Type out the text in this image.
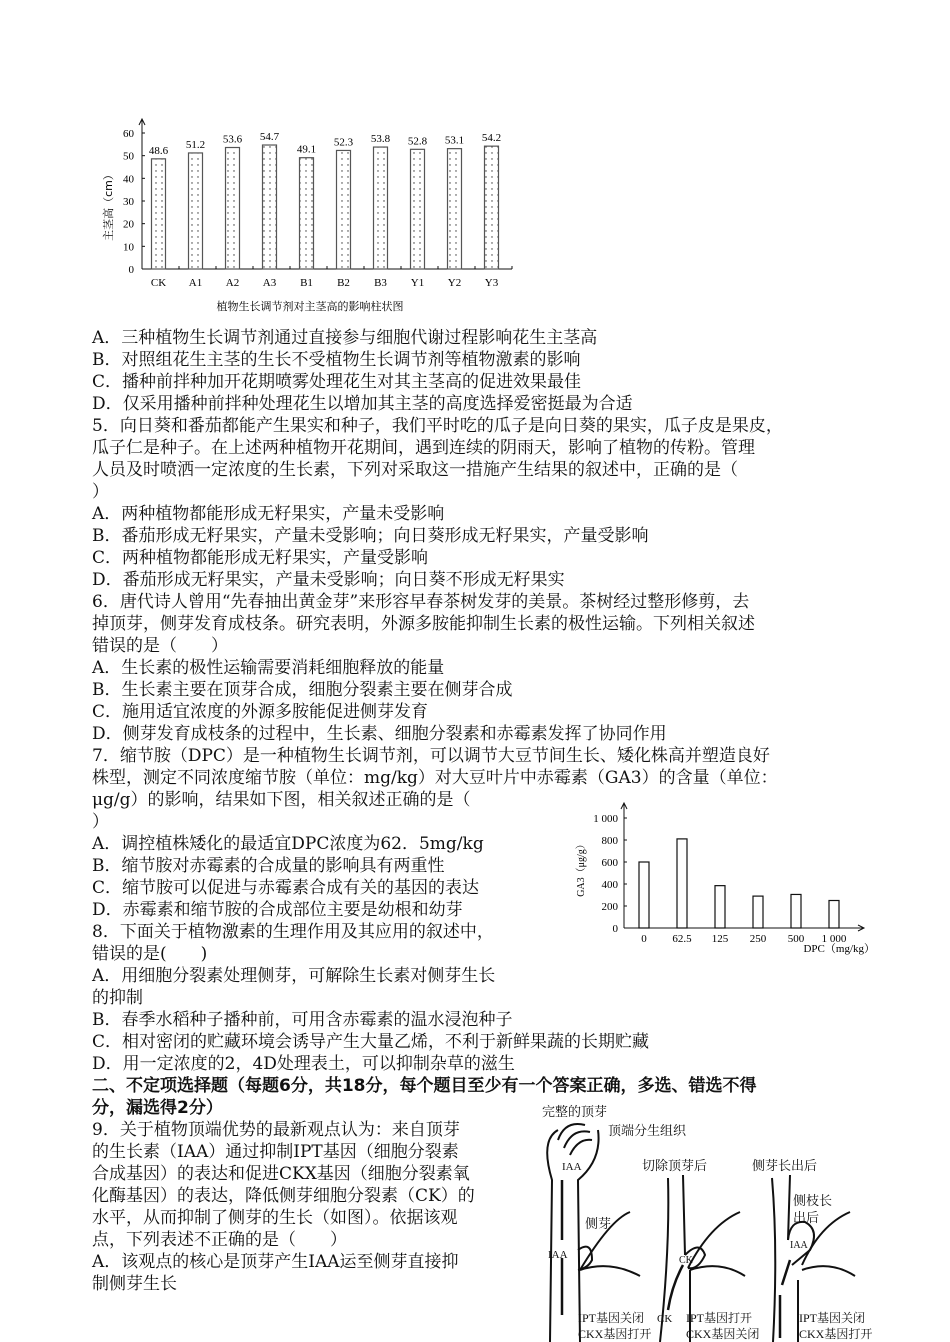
A．三种植物生长调节剂通过直接参与细胞代谢过程影响花生主茎高
B．对照组花生主茎的生长不受植物生长调节剂等植物激素的影响
C．播种前拌种加开花期喷雾处理花生对其主茎高的促进效果最佳
D．仅采用播种前拌种处理花生以增加其主茎的高度选择爱密挺最为合适
5．向日葵和番茄都能产生果实和种子，我们平时吃的瓜子是向日葵的果实，瓜子皮是果皮，
瓜子仁是种子。在上述两种植物开花期间，遇到连续的阴雨天，影响了植物的传粉。管理
人员及时喷洒一定浓度的生长素，下列对采取这一措施产生结果的叙述中，正确的是（
）
A．两种植物都能形成无籽果实，产量未受影响
B．番茄形成无籽果实，产量未受影响；向日葵形成无籽果实，产量受影响
C．两种植物都能形成无籽果实，产量受影响
D．番茄形成无籽果实，产量未受影响；向日葵不形成无籽果实
6．唐代诗人曾用“先春抽出黄金芽”来形容早春茶树发芽的美景。茶树经过整形修剪，去
掉顶芽，侧芽发育成枝条。研究表明，外源多胺能抑制生长素的极性运输。下列相关叙述
错误的是（　　）
A．生长素的极性运输需要消耗细胞释放的能量
B．生长素主要在顶芽合成，细胞分裂素主要在侧芽合成
C．施用适宜浓度的外源多胺能促进侧芽发育
D．侧芽发育成枝条的过程中，生长素、细胞分裂素和赤霉素发挥了协同作用
7．缩节胺（DPC）是一种植物生长调节剂，可以调节大豆节间生长、矮化株高并塑造良好
株型，测定不同浓度缩节胺（单位：mg/kg）对大豆叶片中赤霉素（GA3）的含量（单位：
μg/g）的影响，结果如下图，相关叙述正确的是（
）
A．调控植株矮化的最适宜DPC浓度为62．5mg/kg
B．缩节胺对赤霉素的合成量的影响具有两重性
C．缩节胺可以促进与赤霉素合成有关的基因的表达
D．赤霉素和缩节胺的合成部位主要是幼根和幼芽
8．下面关于植物激素的生理作用及其应用的叙述中，
错误的是(　　)
A．用细胞分裂素处理侧芽，可解除生长素对侧芽生长
的抑制
B．春季水稻种子播种前，可用含赤霉素的温水浸泡种子
C．相对密闭的贮藏环境会诱导产生大量乙烯，不利于新鲜果蔬的长期贮藏
D．用一定浓度的2，4D处理表土，可以抑制杂草的滋生
二、不定项选择题（每题6分，共18分，每个题目至少有一个答案正确，多选、错选不得
分，漏选得2分）
9．关于植物顶端优势的最新观点认为：来自顶芽
的生长素（IAA）通过抑制IPT基因（细胞分裂素
合成基因）的表达和促进CKX基因（细胞分裂素氧
化酶基因）的表达，降低侧芽细胞分裂素（CK）的
水平，从而抑制了侧芽的生长（如图）。依据该观
点，下列表述不正确的是（　　）
A．该观点的核心是顶芽产生IAA运至侧芽直接抑
制侧芽生长
0
10
20
30
40
50
60
48.6
CK
51.2
A1
53.6
A2
54.7
A3
49.1
B1
52.3
B2
53.8
B3
52.8
Y1
53.1
Y2
54.2
Y3
主茎高（cm）
植物生长调节剂对主茎高的影响柱状图
0
200
400
600
800
1 000
0 62.5 125 250 500 1 000
GA3（μg/g）
DPC（mg/kg）
完整的顶芽
顶端分生组织
IAA
侧芽
IAA
切除顶芽后
CK
CK
侧芽长出后
侧枝长
出后
IAA
IPT基因关闭
CKX基因打开
IPT基因打开
CKX基因关闭
IPT基因关闭
CKX基因打开
